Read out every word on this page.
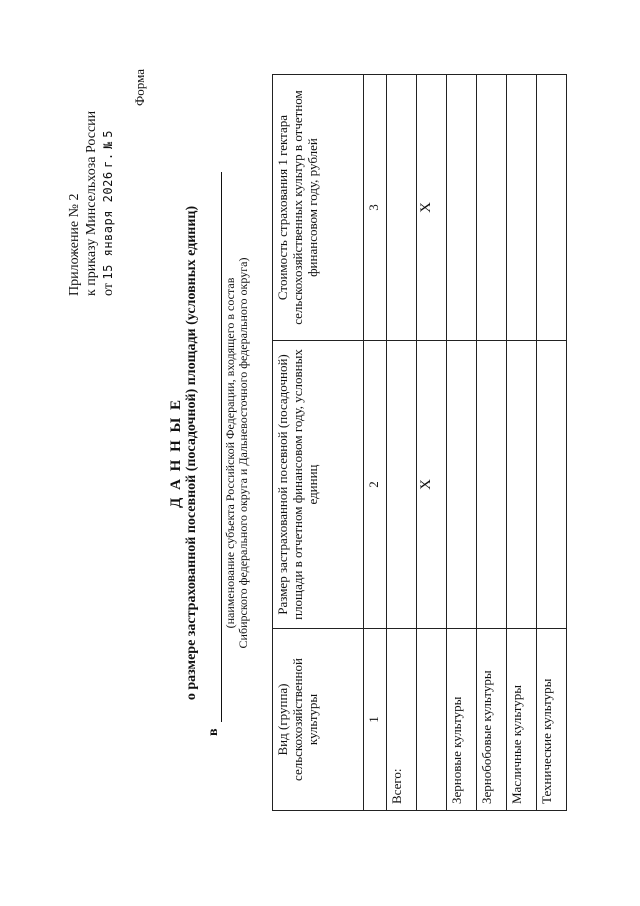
Приложение № 2 к приказу Минсельхоза России от 15 января 2026 г. № 5
Форма
Д А Н Н Ы Е о размере застрахованной посевной (посадочной) площади (условных единиц)
в
(наименование субъекта Российской Федерации, входящего в состав Сибирского федерального округа и Дальневосточного федерального округа)
Вид (группа) сельскохозяйственной культуры	Размер застрахованной посевной (посадочной) площади в отчетном финансовом году, условных единиц	Стоимость страхования 1 гектара сельскохозяйственных культур в отчетном финансовом году, рублей
1	2	3
Всего:		
	Х	Х
Зерновые культуры		
Зернобобовые культуры		
Масличные культуры		
Технические культуры		
